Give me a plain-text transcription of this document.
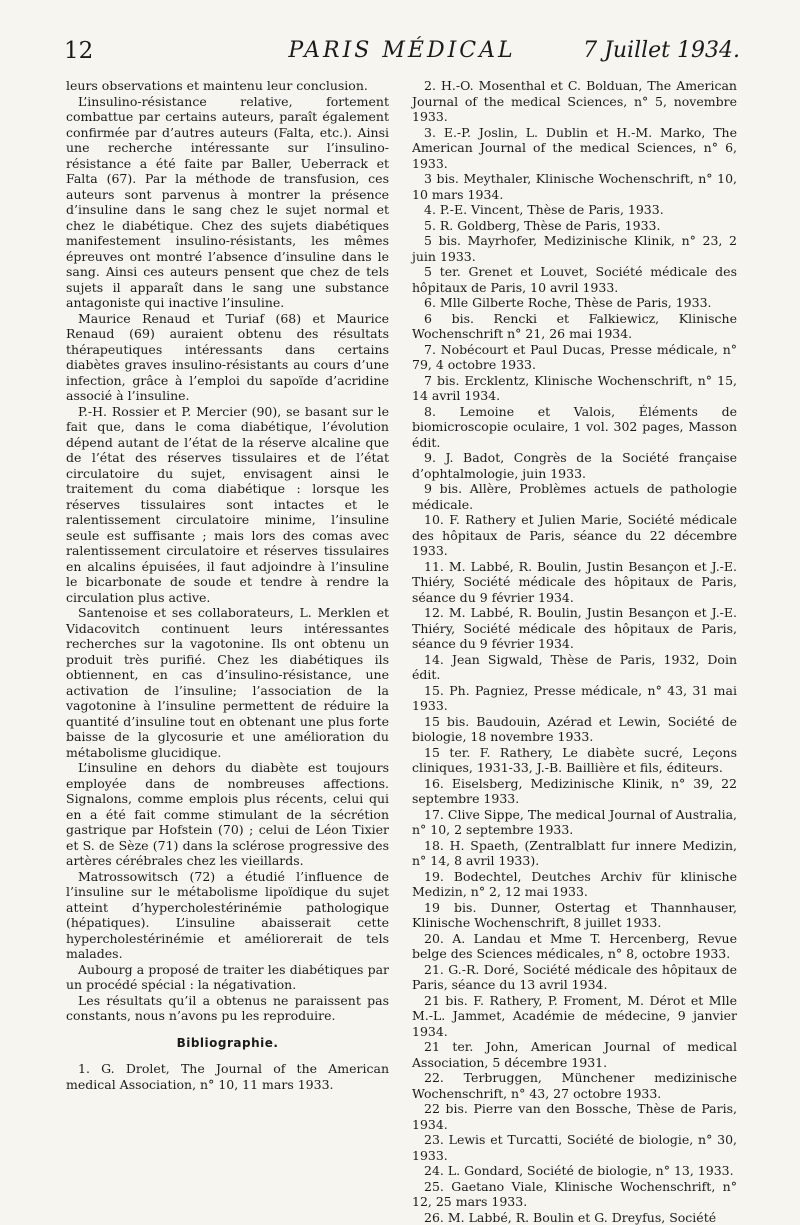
12	PARIS MÉDICAL	7 Juillet 1934.

leurs observations et maintenu leur conclusion.

L’insulino-résistance relative, fortement combattue par certains auteurs, paraît également confirmée par d’autres auteurs (Falta, etc.). Ainsi une recherche intéressante sur l’insulino-résistance a été faite par Baller, Ueberrack et Falta (67). Par la méthode de transfusion, ces auteurs sont parvenus à montrer la présence d’insuline dans le sang chez le sujet normal et chez le diabétique. Chez des sujets diabétiques manifestement insulino-résistants, les mêmes épreuves ont montré l’absence d’insuline dans le sang. Ainsi ces auteurs pensent que chez de tels sujets il apparaît dans le sang une substance antagoniste qui inactive l’insuline.

Maurice Renaud et Turiaf (68) et Maurice Renaud (69) auraient obtenu des résultats thérapeutiques intéressants dans certains diabètes graves insulino-résistants au cours d’une infection, grâce à l’emploi du sapoïde d’acridine associé à l’insuline.

P.-H. Rossier et P. Mercier (90), se basant sur le fait que, dans le coma diabétique, l’évolution dépend autant de l’état de la réserve alcaline que de l’état des réserves tissulaires et de l’état circulatoire du sujet, envisagent ainsi le traitement du coma diabétique : lorsque les réserves tissulaires sont intactes et le ralentissement circulatoire minime, l’insuline seule est suffisante ; mais lors des comas avec ralentissement circulatoire et réserves tissulaires en alcalins épuisées, il faut adjoindre à l’insuline le bicarbonate de soude et tendre à rendre la circulation plus active.

Santenoise et ses collaborateurs, L. Merklen et Vidacovitch continuent leurs intéressantes recherches sur la vagotonine. Ils ont obtenu un produit très purifié. Chez les diabétiques ils obtiennent, en cas d’insulino-résistance, une activation de l’insuline; l’association de la vagotonine à l’insuline permettent de réduire la quantité d’insuline tout en obtenant une plus forte baisse de la glycosurie et une amélioration du métabolisme glucidique.

L’insuline en dehors du diabète est toujours employée dans de nombreuses affections. Signalons, comme emplois plus récents, celui qui en a été fait comme stimulant de la sécrétion gastrique par Hofstein (70) ; celui de Léon Tixier et S. de Sèze (71) dans la sclérose progressive des artères cérébrales chez les vieillards.

Matrossowitsch (72) a étudié l’influence de l’insuline sur le métabolisme lipoïdique du sujet atteint d’hypercholestérinémie pathologique (hépatiques). L’insuline abaisserait cette hypercholestérinémie et améliorerait de tels malades.

Aubourg a proposé de traiter les diabétiques par un procédé spécial : la négativation.

Les résultats qu’il a obtenus ne paraissent pas constants, nous n’avons pu les reproduire.

Bibliographie.

1. G. Drolet, The Journal of the American medical Association, n° 10, 11 mars 1933.

2. H.-O. Mosenthal et C. Bolduan, The American Journal of the medical Sciences, n° 5, novembre 1933.

3. E.-P. Joslin, L. Dublin et H.-M. Marko, The American Journal of the medical Sciences, n° 6, 1933.

3 bis. Meythaler, Klinische Wochenschrift, n° 10, 10 mars 1934.

4. P.-E. Vincent, Thèse de Paris, 1933.

5. R. Goldberg, Thèse de Paris, 1933.

5 bis. Mayrhofer, Medizinische Klinik, n° 23, 2 juin 1933.

5 ter. Grenet et Louvet, Société médicale des hôpitaux de Paris, 10 avril 1933.

6. Mlle Gilberte Roche, Thèse de Paris, 1933.

6 bis. Rencki et Falkiewicz, Klinische Wochenschrift n° 21, 26 mai 1934.

7. Nobécourt et Paul Ducas, Presse médicale, n° 79, 4 octobre 1933.

7 bis. Ercklentz, Klinische Wochenschrift, n° 15, 14 avril 1934.

8. Lemoine et Valois, Éléments de biomicroscopie oculaire, 1 vol. 302 pages, Masson édit.

9. J. Badot, Congrès de la Société française d’ophtalmologie, juin 1933.

9 bis. Allère, Problèmes actuels de pathologie médicale.

10. F. Rathery et Julien Marie, Société médicale des hôpitaux de Paris, séance du 22 décembre 1933.

11. M. Labbé, R. Boulin, Justin Besançon et J.-E. Thiéry, Société médicale des hôpitaux de Paris, séance du 9 février 1934.

12. M. Labbé, R. Boulin, Justin Besançon et J.-E. Thiéry, Société médicale des hôpitaux de Paris, séance du 9 février 1934.

14. Jean Sigwald, Thèse de Paris, 1932, Doin édit.

15. Ph. Pagniez, Presse médicale, n° 43, 31 mai 1933.

15 bis. Baudouin, Azérad et Lewin, Société de biologie, 18 novembre 1933.

15 ter. F. Rathery, Le diabète sucré, Leçons cliniques, 1931-33, J.-B. Baillière et fils, éditeurs.

16. Eiselsberg, Medizinische Klinik, n° 39, 22 septembre 1933.

17. Clive Sippe, The medical Journal of Australia, n° 10, 2 septembre 1933.

18. H. Spaeth, (Zentralblatt fur innere Medizin, n° 14, 8 avril 1933).

19. Bodechtel, Deutches Archiv für klinische Medizin, n° 2, 12 mai 1933.

19 bis. Dunner, Ostertag et Thannhauser, Klinische Wochenschrift, 8 juillet 1933.

20. A. Landau et Mme T. Hercenberg, Revue belge des Sciences médicales, n° 8, octobre 1933.

21. G.-R. Doré, Société médicale des hôpitaux de Paris, séance du 13 avril 1934.

21 bis. F. Rathery, P. Froment, M. Dérot et Mlle M.-L. Jammet, Académie de médecine, 9 janvier 1934.

21 ter. John, American Journal of medical Association, 5 décembre 1931.

22. Terbruggen, Münchener medizinische Wochenschrift, n° 43, 27 octobre 1933.

22 bis. Pierre van den Bossche, Thèse de Paris, 1934.

23. Lewis et Turcatti, Société de biologie, n° 30, 1933.

24. L. Gondard, Société de biologie, n° 13, 1933.

25. Gaetano Viale, Klinische Wochenschrift, n° 12, 25 mars 1933.

26. M. Labbé, R. Boulin et G. Dreyfus, Société
